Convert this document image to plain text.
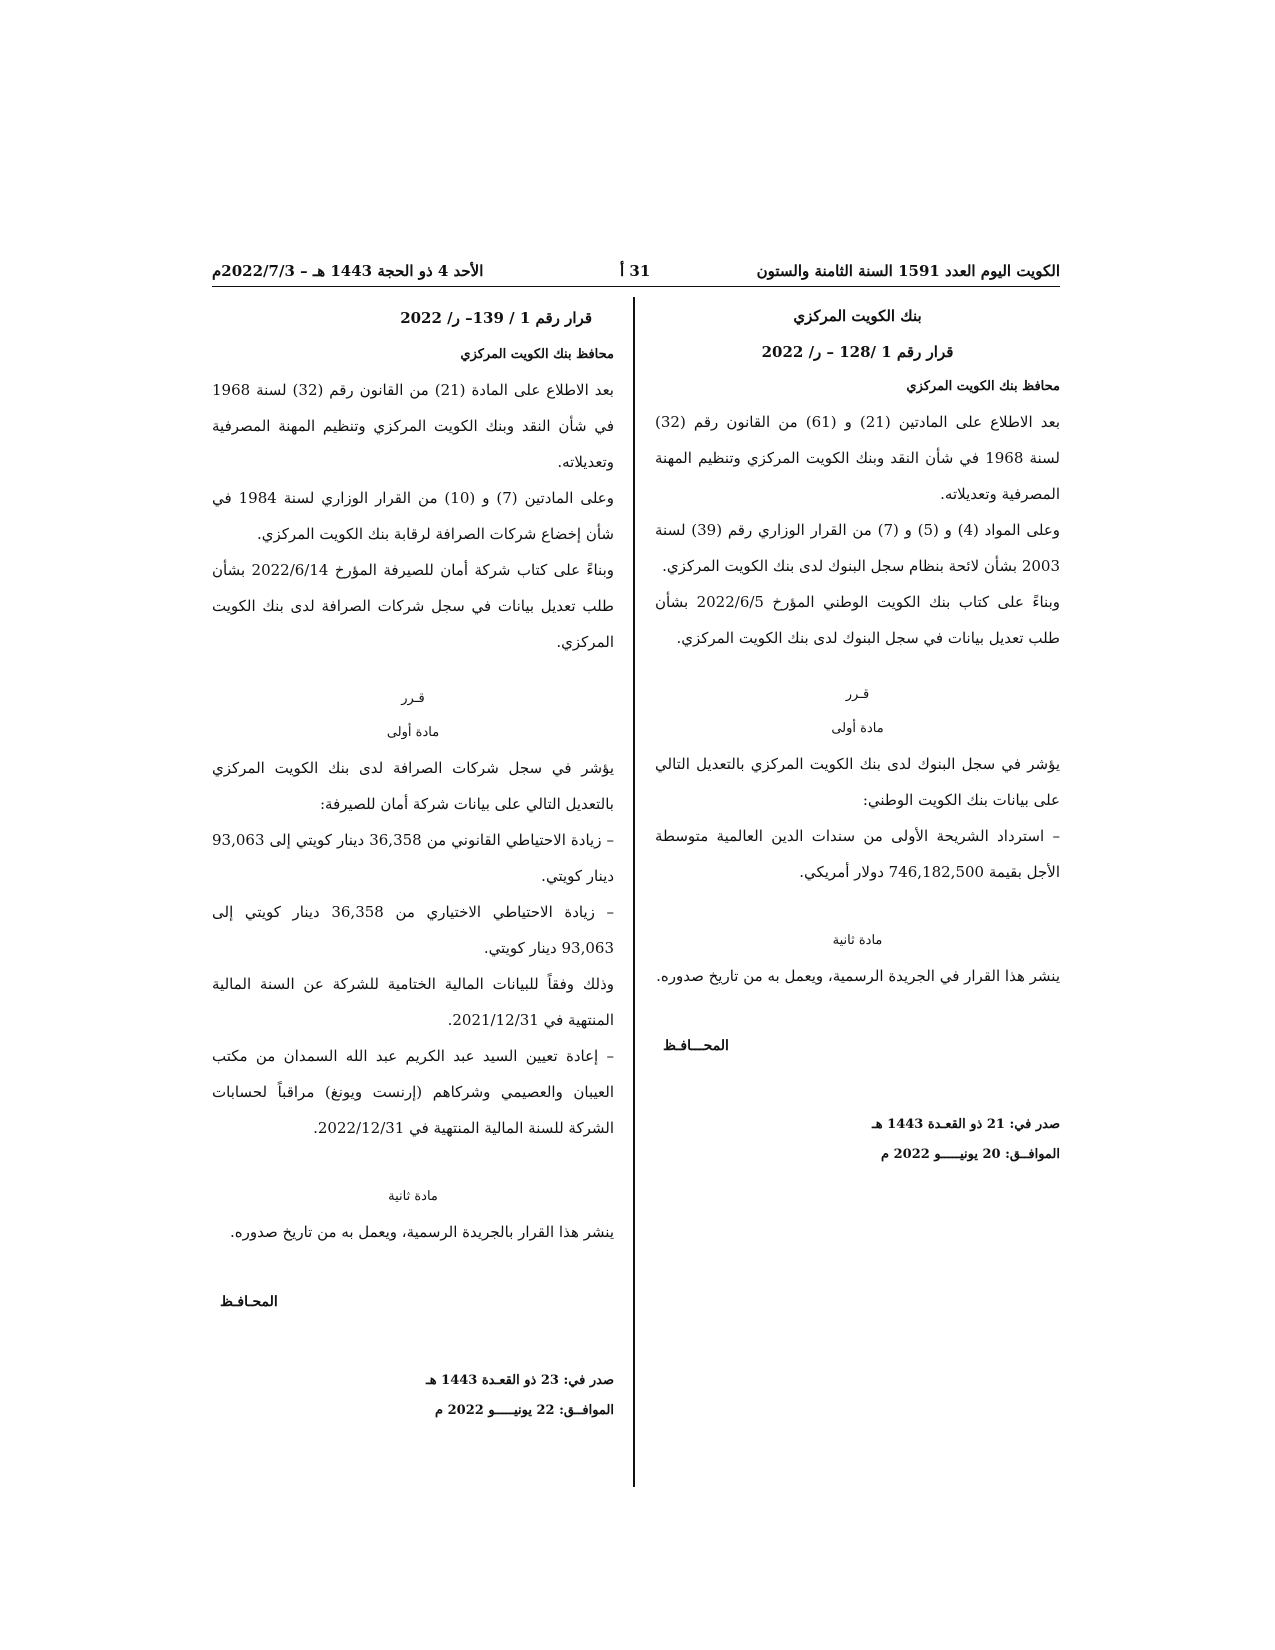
الكويت اليوم العدد 1591 السنة الثامنة والستون
31 أ
الأحد 4 ذو الحجة 1443 هـ – 2022/7/3م

بنك الكويت المركزي

قرار رقم 1 /128 – ر/ 2022

محافظ بنك الكويت المركزي

بعد الاطلاع على المادتين (21) و (61) من القانون رقم (32) لسنة 1968 في شأن النقد وبنك الكويت المركزي وتنظيم المهنة المصرفية وتعديلاته.

وعلى المواد (4) و (5) و (7) من القرار الوزاري رقم (39) لسنة 2003 بشأن لائحة بنظام سجل البنوك لدى بنك الكويت المركزي.

وبناءً على كتاب بنك الكويت الوطني المؤرخ 2022/6/5 بشأن طلب تعديل بيانات في سجل البنوك لدى بنك الكويت المركزي.

قـرر

مادة أولى

يؤشر في سجل البنوك لدى بنك الكويت المركزي بالتعديل التالي على بيانات بنك الكويت الوطني:

– استرداد الشريحة الأولى من سندات الدين العالمية متوسطة الأجل بقيمة 746,182,500 دولار أمريكي.

مادة ثانية

ينشر هذا القرار في الجريدة الرسمية، ويعمل به من تاريخ صدوره.

المحـــافـظ

صدر في: 21 ذو القعـدة 1443 هـ

الموافــق: 20 يونيـــــو 2022 م

قرار رقم 1 / 139– ر/ 2022

محافظ بنك الكويت المركزي

بعد الاطلاع على المادة (21) من القانون رقم (32) لسنة 1968 في شأن النقد وبنك الكويت المركزي وتنظيم المهنة المصرفية وتعديلاته.

وعلى المادتين (7) و (10) من القرار الوزاري لسنة 1984 في شأن إخضاع شركات الصرافة لرقابة بنك الكويت المركزي.

وبناءً على كتاب شركة أمان للصيرفة المؤرخ 2022/6/14 بشأن طلب تعديل بيانات في سجل شركات الصرافة لدى بنك الكويت المركزي.

قـرر

مادة أولى

يؤشر في سجل شركات الصرافة لدى بنك الكويت المركزي بالتعديل التالي على بيانات شركة أمان للصيرفة:

– زيادة الاحتياطي القانوني من 36,358 دينار كويتي إلى 93,063 دينار كويتي.

– زيادة الاحتياطي الاختياري من 36,358 دينار كويتي إلى 93,063 دينار كويتي.

وذلك وفقاً للبيانات المالية الختامية للشركة عن السنة المالية المنتهية في 2021/12/31.

– إعادة تعيين السيد عبد الكريم عبد الله السمدان من مكتب العيبان والعصيمي وشركاهم (إرنست ويونغ) مراقباً لحسابات الشركة للسنة المالية المنتهية في 2022/12/31.

مادة ثانية

ينشر هذا القرار بالجريدة الرسمية، ويعمل به من تاريخ صدوره.

المحـافـظ

صدر في: 23 ذو القعـدة 1443 هـ

الموافــق: 22 يونيـــــو 2022 م
